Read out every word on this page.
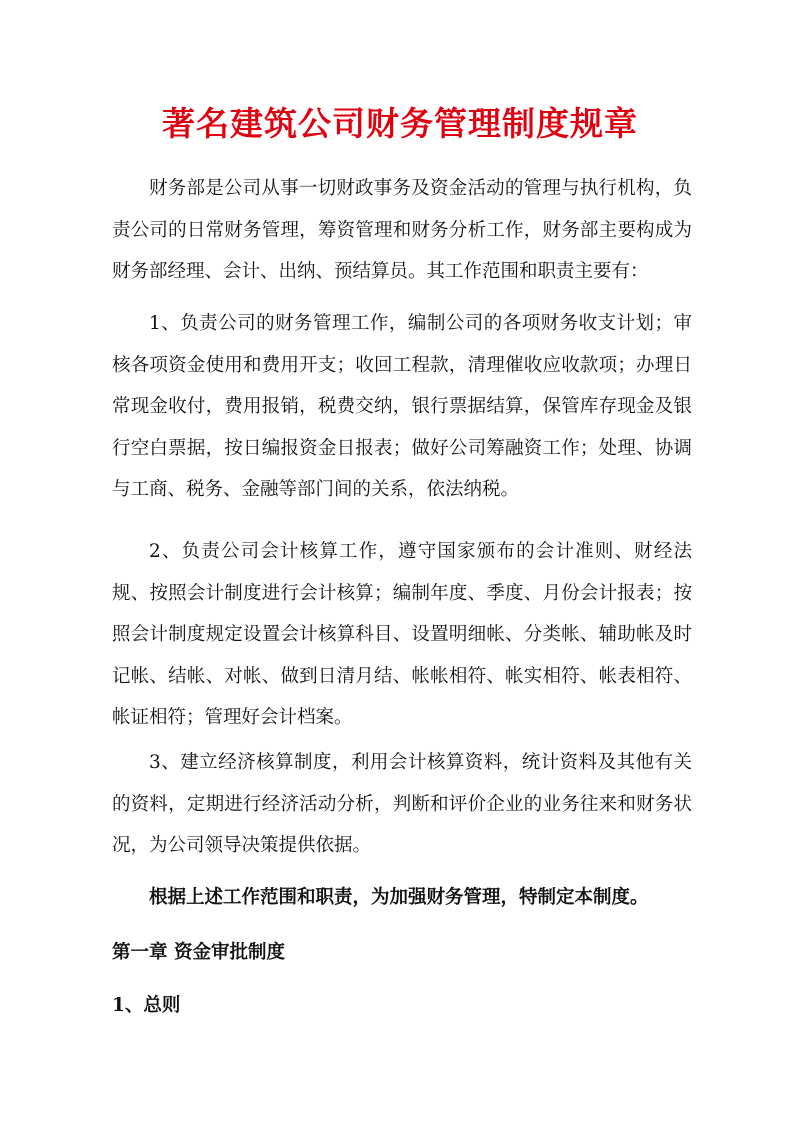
著名建筑公司财务管理制度规章

财务部是公司从事一切财政事务及资金活动的管理与执行机构，负责公司的日常财务管理，筹资管理和财务分析工作，财务部主要构成为财务部经理、会计、出纳、预结算员。其工作范围和职责主要有：

1、负责公司的财务管理工作，编制公司的各项财务收支计划；审核各项资金使用和费用开支；收回工程款，清理催收应收款项；办理日常现金收付，费用报销，税费交纳，银行票据结算，保管库存现金及银行空白票据，按日编报资金日报表；做好公司筹融资工作；处理、协调与工商、税务、金融等部门间的关系，依法纳税。

2、负责公司会计核算工作，遵守国家颁布的会计准则、财经法规、按照会计制度进行会计核算；编制年度、季度、月份会计报表；按照会计制度规定设置会计核算科目、设置明细帐、分类帐、辅助帐及时记帐、结帐、对帐、做到日清月结、帐帐相符、帐实相符、帐表相符、帐证相符；管理好会计档案。

3、建立经济核算制度，利用会计核算资料，统计资料及其他有关的资料，定期进行经济活动分析，判断和评价企业的业务往来和财务状况，为公司领导决策提供依据。

根据上述工作范围和职责，为加强财务管理，特制定本制度。

第一章 资金审批制度

1、总则
